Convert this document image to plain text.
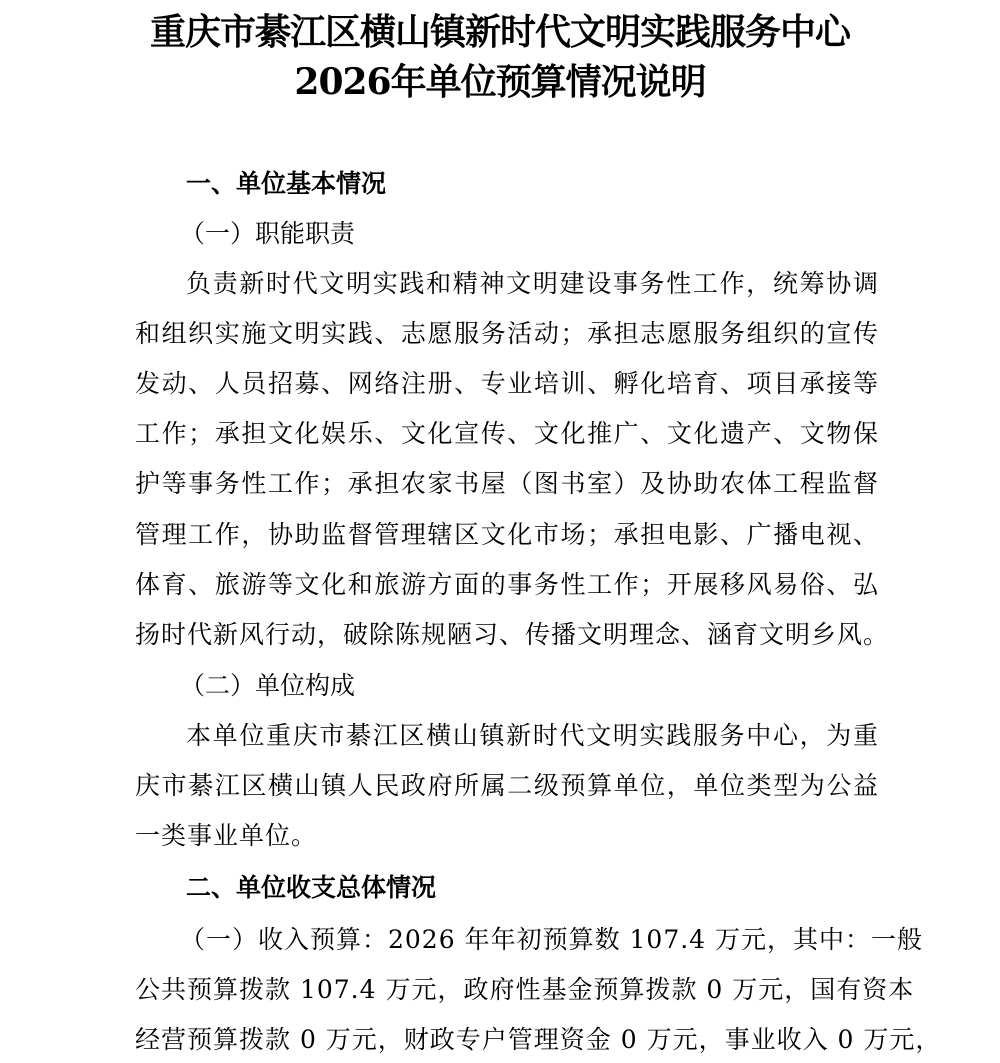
重庆市綦江区横山镇新时代文明实践服务中心
2026年单位预算情况说明
一、单位基本情况
（一）职能职责
负责新时代文明实践和精神文明建设事务性工作，统筹协调
和组织实施文明实践、志愿服务活动；承担志愿服务组织的宣传
发动、人员招募、网络注册、专业培训、孵化培育、项目承接等
工作；承担文化娱乐、文化宣传、文化推广、文化遗产、文物保
护等事务性工作；承担农家书屋（图书室）及协助农体工程监督
管理工作，协助监督管理辖区文化市场；承担电影、广播电视、
体育、旅游等文化和旅游方面的事务性工作；开展移风易俗、弘
扬时代新风行动，破除陈规陋习、传播文明理念、涵育文明乡风。
（二）单位构成
本单位重庆市綦江区横山镇新时代文明实践服务中心，为重
庆市綦江区横山镇人民政府所属二级预算单位，单位类型为公益
一类事业单位。
二、单位收支总体情况
（一）收入预算：2026 年年初预算数 107.4 万元，其中：一般
公共预算拨款 107.4 万元，政府性基金预算拨款 0 万元，国有资本
经营预算拨款 0 万元，财政专户管理资金 0 万元，事业收入 0 万元，
